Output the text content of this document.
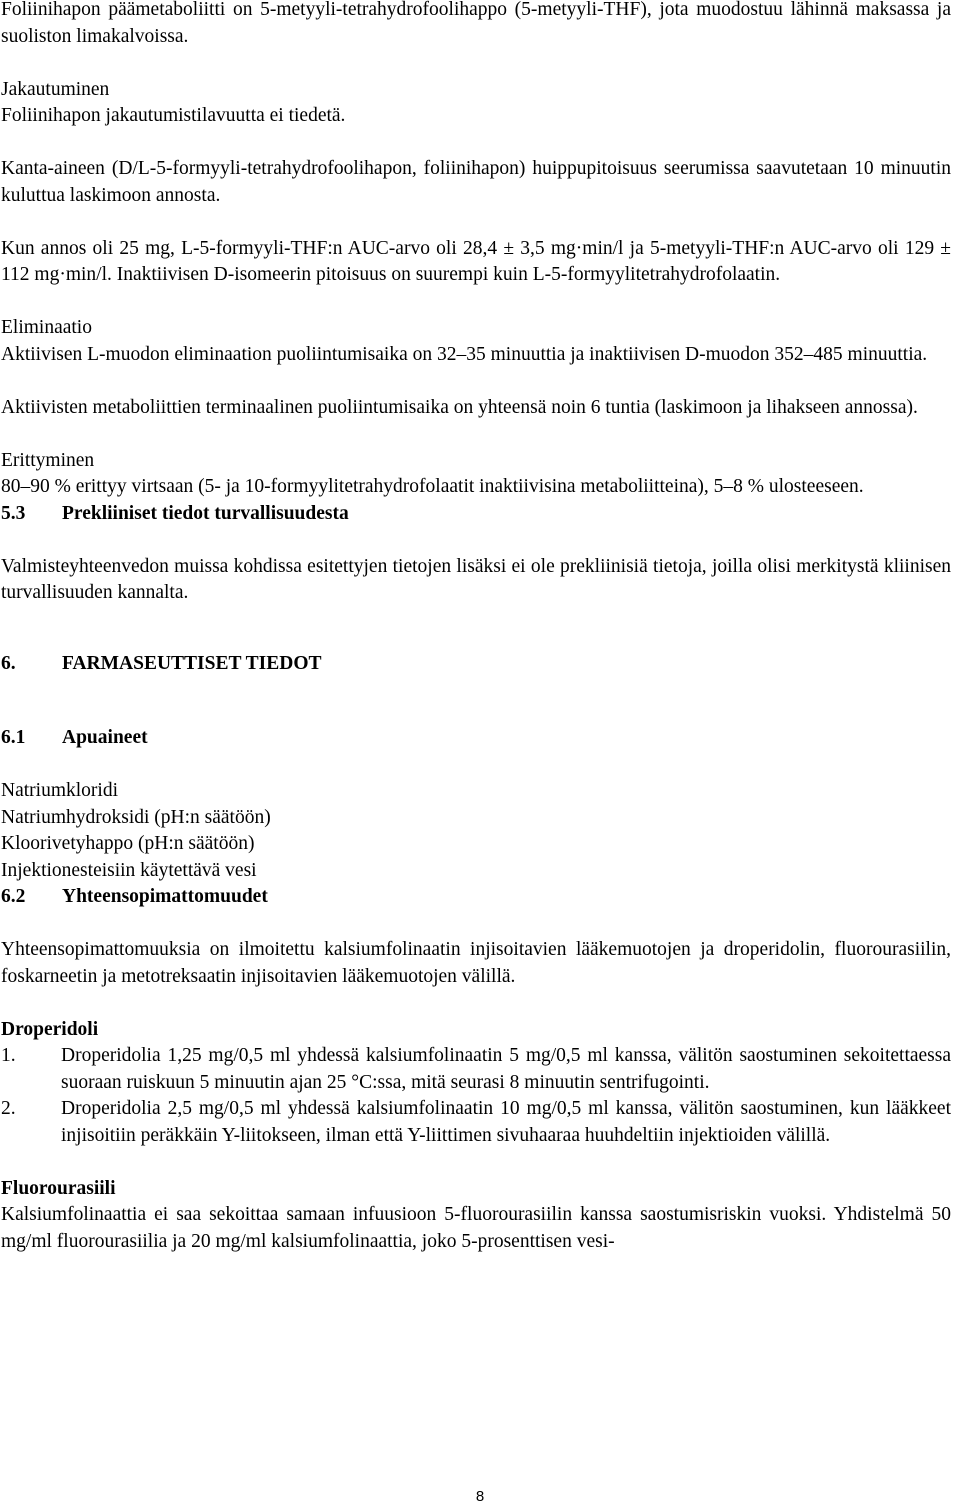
Foliinihapon päämetaboliitti on 5-metyyli-tetrahydrofoolihappo (5-metyyli-THF), jota muodostuu lähinnä maksassa ja suoliston limakalvoissa.

Jakautuminen

Foliinihapon jakautumistilavuutta ei tiedetä.

Kanta-aineen (D/L-5-formyyli-tetrahydrofoolihapon, foliinihapon) huippupitoisuus seerumissa saavutetaan 10 minuutin kuluttua laskimoon annosta.

Kun annos oli 25 mg, L-5-formyyli-THF:n AUC-arvo oli 28,4 ± 3,5 mg·min/l ja 5-metyyli-THF:n AUC-arvo oli 129 ± 112 mg·min/l. Inaktiivisen D-isomeerin pitoisuus on suurempi kuin L-5-formyylitetrahydrofolaatin.

Eliminaatio

Aktiivisen L-muodon eliminaation puoliintumisaika on 32–35 minuuttia ja inaktiivisen D-muodon 352–485 minuuttia.

Aktiivisten metaboliittien terminaalinen puoliintumisaika on yhteensä noin 6 tuntia (laskimoon ja lihakseen annossa).

Erittyminen

80–90 % erittyy virtsaan (5- ja 10-formyylitetrahydrofolaatit inaktiivisina metaboliitteina), 5–8 % ulosteeseen.

5.3 Prekliiniset tiedot turvallisuudesta

Valmisteyhteenvedon muissa kohdissa esitettyjen tietojen lisäksi ei ole prekliinisiä tietoja, joilla olisi merkitystä kliinisen turvallisuuden kannalta.

6. FARMASEUTTISET TIEDOT

6.1 Apuaineet

Natriumkloridi

Natriumhydroksidi (pH:n säätöön)

Kloorivetyhappo (pH:n säätöön)

Injektionesteisiin käytettävä vesi

6.2 Yhteensopimattomuudet

Yhteensopimattomuuksia on ilmoitettu kalsiumfolinaatin injisoitavien lääkemuotojen ja droperidolin, fluorourasiilin, foskarneetin ja metotreksaatin injisoitavien lääkemuotojen välillä.

Droperidoli

1. Droperidolia 1,25 mg/0,5 ml yhdessä kalsiumfolinaatin 5 mg/0,5 ml kanssa, välitön saostuminen sekoitettaessa suoraan ruiskuun 5 minuutin ajan 25 °C:ssa, mitä seurasi 8 minuutin sentrifugointi.
2. Droperidolia 2,5 mg/0,5 ml yhdessä kalsiumfolinaatin 10 mg/0,5 ml kanssa, välitön saostuminen, kun lääkkeet injisoitiin peräkkäin Y-liitokseen, ilman että Y-liittimen sivuhaaraa huuhdeltiin injektioiden välillä.

Fluorourasiili

Kalsiumfolinaattia ei saa sekoittaa samaan infuusioon 5-fluorourasiilin kanssa saostumisriskin vuoksi. Yhdistelmä 50 mg/ml fluorourasiilia ja 20 mg/ml kalsiumfolinaattia, joko 5-prosenttisen vesi-

8
